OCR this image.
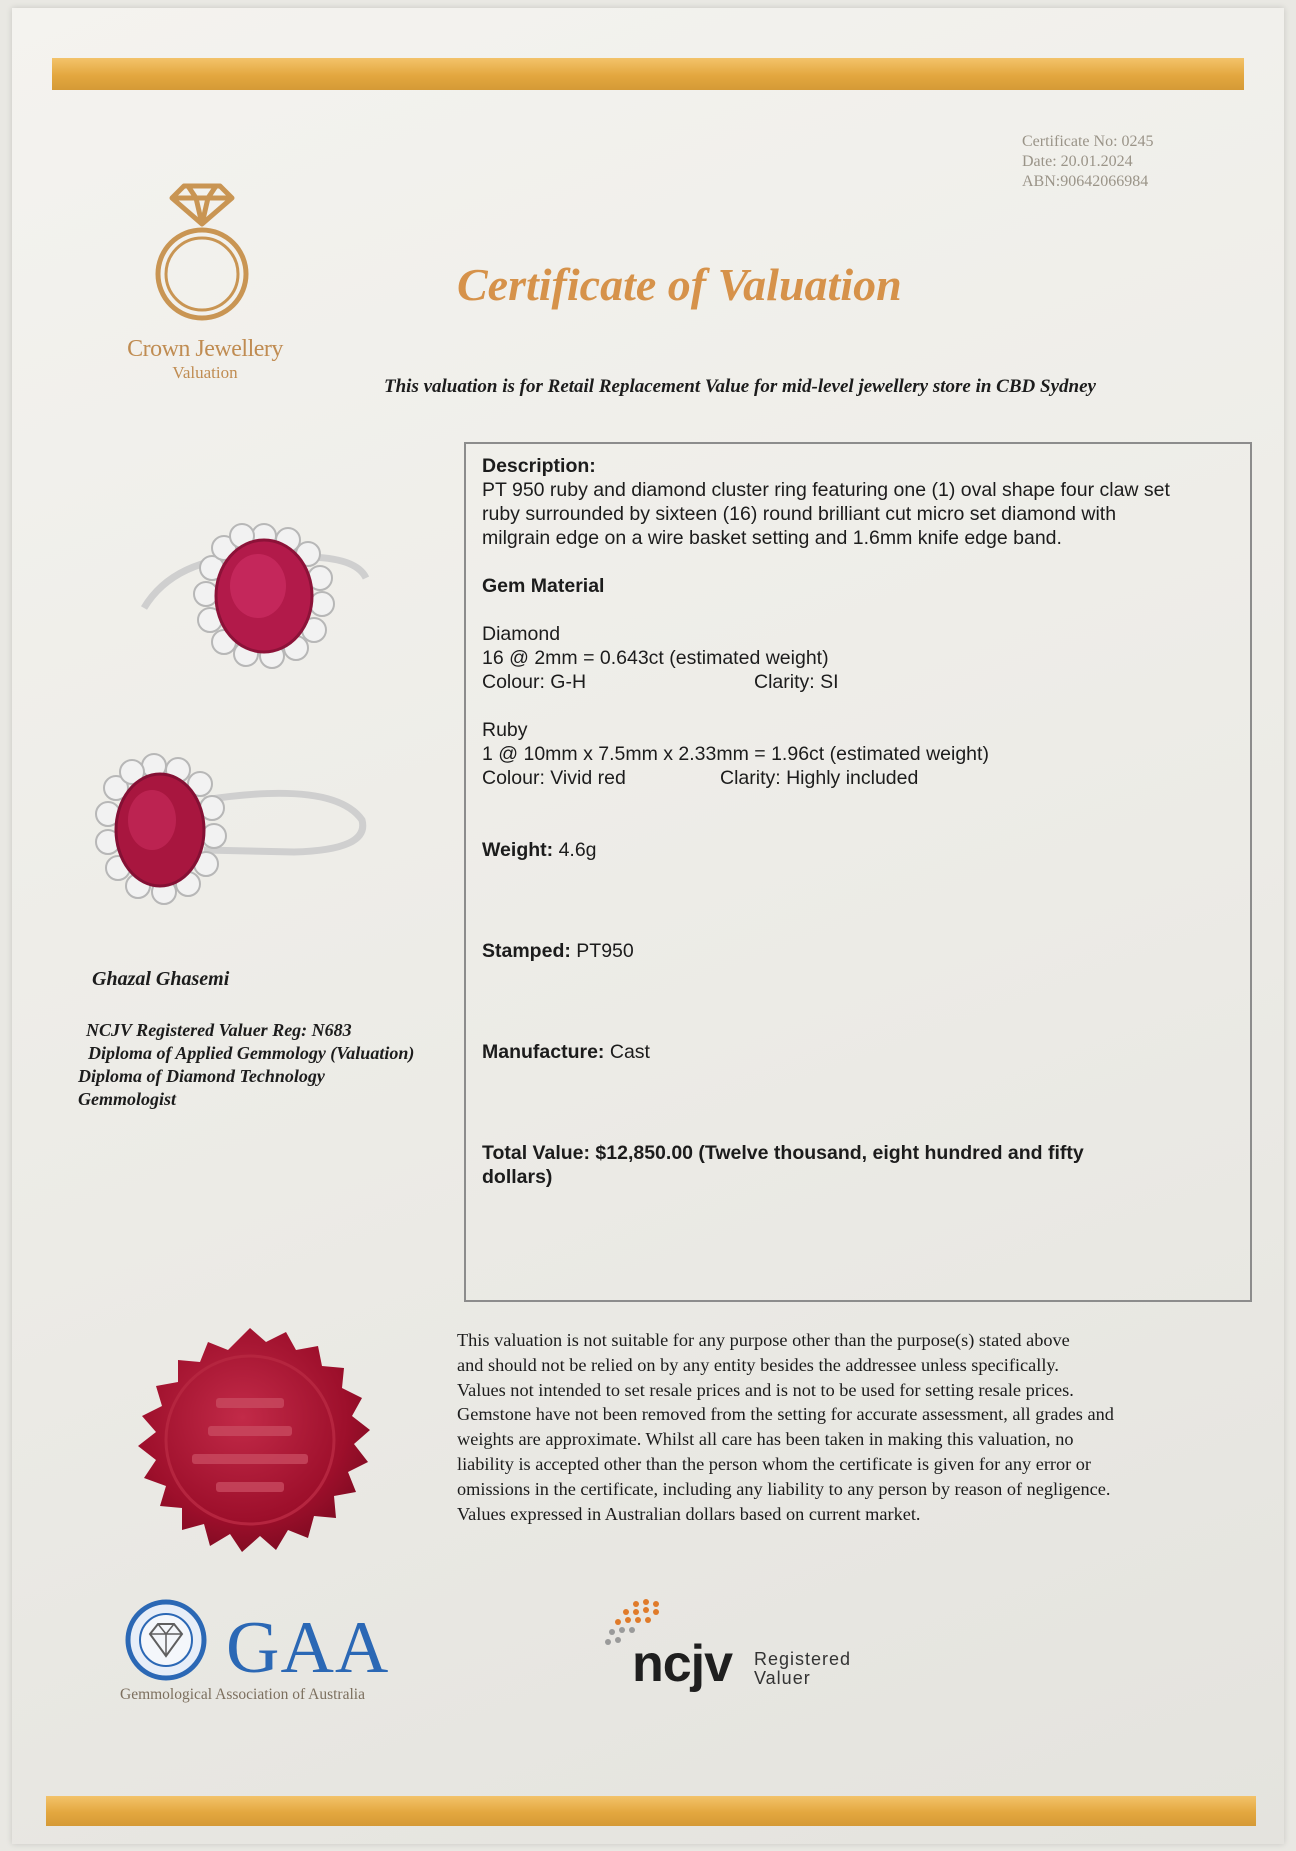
Certificate No: 0245
Date: 20.01.2024
ABN:90642066984
Crown Jewellery
Valuation
Certificate of Valuation
This valuation is for Retail Replacement Value for mid-level jewellery store in CBD Sydney
Ghazal Ghasemi
NCJV Registered Valuer Reg: N683
Diploma of Applied Gemmology (Valuation)
Diploma of Diamond Technology
Gemmologist
Description:
PT 950 ruby and diamond cluster ring featuring one (1) oval shape four claw set
ruby surrounded by sixteen (16) round brilliant cut micro set diamond with
milgrain edge on a wire basket setting and 1.6mm knife edge band.
Gem Material
Diamond
16 @ 2mm = 0.643ct (estimated weight)
Colour: G-H	Clarity: SI
Ruby
1 @ 10mm x 7.5mm x 2.33mm = 1.96ct (estimated weight)
Colour: Vivid red	Clarity: Highly included
Weight: 4.6g
Stamped: PT950
Manufacture: Cast
Total Value: $12,850.00 (Twelve thousand, eight hundred and fifty
dollars)
This valuation is not suitable for any purpose other than the purpose(s) stated above
and should not be relied on by any entity besides the addressee unless specifically.
Values not intended to set resale prices and is not to be used for setting resale prices.
Gemstone have not been removed from the setting for accurate assessment, all grades and
weights are approximate. Whilst all care has been taken in making this valuation, no
liability is accepted other than the person whom the certificate is given for any error or
omissions in the certificate, including any liability to any person by reason of negligence.
Values expressed in Australian dollars based on current market.
GAA
Gemmological Association of Australia
ncjv Registered
Valuer
